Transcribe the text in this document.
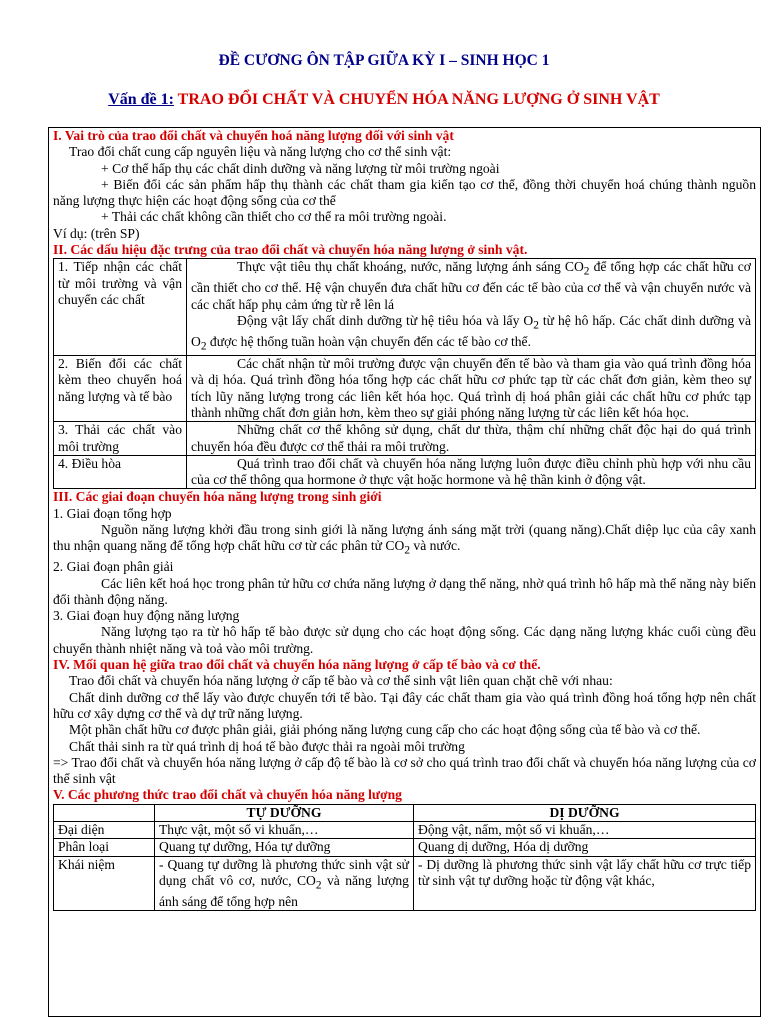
ĐỀ CƯƠNG ÔN TẬP GIỮA KỲ I – SINH HỌC 1
Vấn đề 1: TRAO ĐỔI CHẤT VÀ CHUYỂN HÓA NĂNG LƯỢNG Ở SINH VẬT

I. Vai trò của trao đổi chất và chuyển hoá năng lượng đối với sinh vật

Trao đổi chất cung cấp nguyên liệu và năng lượng cho cơ thể sinh vật:

+ Cơ thể hấp thụ các chất dinh dưỡng và năng lượng từ môi trường ngoài

+ Biến đổi các sản phẩm hấp thụ thành các chất tham gia kiến tạo cơ thể, đồng thời chuyển hoá chúng thành nguồn năng lượng thực hiện các hoạt động sống của cơ thể

+ Thải các chất không cần thiết cho cơ thể ra môi trường ngoài.

Ví dụ: (trên SP)

II. Các dấu hiệu đặc trưng của trao đổi chất và chuyển hóa năng lượng ở sinh vật.

1. Tiếp nhận các chất từ môi trường và vận chuyển các chất	Thực vật tiêu thụ chất khoáng, nước, năng lượng ánh sáng $CO_2$ để tổng hợp các chất hữu cơ cần thiết cho cơ thể. Hệ vận chuyển đưa chất hữu cơ đến các tế bào của cơ thể và vận chuyển nước và các chất hấp phụ cảm ứng từ rễ lên lá

Động vật lấy chất dinh dưỡng từ hệ tiêu hóa và lấy $O_2$ từ hệ hô hấp. Các chất dinh dưỡng và $O_2$ được hệ thống tuần hoàn vận chuyển đến các tế bào cơ thể.

2. Biến đổi các chất kèm theo chuyển hoá năng lượng và tế bào	Các chất nhận từ môi trường được vận chuyển đến tế bào và tham gia vào quá trình đồng hóa và dị hóa. Quá trình đồng hóa tổng hợp các chất hữu cơ phức tạp từ các chất đơn giản, kèm theo sự tích lũy năng lượng trong các liên kết hóa học. Quá trình dị hoá phân giải các chất hữu cơ phức tạp thành những chất đơn giản hơn, kèm theo sự giải phóng năng lượng từ các liên kết hóa học.

3. Thải các chất vào môi trường	Những chất cơ thể không sử dụng, chất dư thừa, thậm chí những chất độc hại do quá trình chuyển hóa đều được cơ thể thải ra môi trường.

4. Điều hòa	Quá trình trao đổi chất và chuyển hóa năng lượng luôn được điều chỉnh phù hợp với nhu cầu của cơ thể thông qua hormone ở thực vật hoặc hormone và hệ thần kinh ở động vật.

III. Các giai đoạn chuyển hóa năng lượng trong sinh giới

1. Giai đoạn tổng hợp

Nguồn năng lượng khởi đầu trong sinh giới là năng lượng ánh sáng mặt trời (quang năng).Chất diệp lục của cây xanh thu nhận quang năng để tổng hợp chất hữu cơ từ các phân tử $CO_2$ và nước.

2. Giai đoạn phân giải

Các liên kết hoá học trong phân tử hữu cơ chứa năng lượng ở dạng thế năng, nhờ quá trình hô hấp mà thế năng này biến đổi thành động năng.

3. Giai đoạn huy động năng lượng

Năng lượng tạo ra từ hô hấp tế bào được sử dụng cho các hoạt động sống. Các dạng năng lượng khác cuối cùng đều chuyển thành nhiệt năng và toả vào môi trường.

IV. Mối quan hệ giữa trao đổi chất và chuyển hóa năng lượng ở cấp tế bào và cơ thể.

Trao đổi chất và chuyển hóa năng lượng ở cấp tế bào và cơ thể sinh vật liên quan chặt chẽ với nhau:

Chất dinh dưỡng cơ thể lấy vào được chuyển tới tế bào. Tại đây các chất tham gia vào quá trình đồng hoá tổng hợp nên chất hữu cơ xây dựng cơ thể và dự trữ năng lượng.

Một phần chất hữu cơ được phân giải, giải phóng năng lượng cung cấp cho các hoạt động sống của tế bào và cơ thể.

Chất thải sinh ra từ quá trình dị hoá tế bào được thải ra ngoài môi trường

=> Trao đổi chất và chuyển hóa năng lượng ở cấp độ tế bào là cơ sở cho quá trình trao đổi chất và chuyển hóa năng lượng của cơ thể sinh vật

V. Các phương thức trao đổi chất và chuyển hóa năng lượng

	TỰ DƯỠNG	DỊ DƯỠNG
Đại diện	Thực vật, một số vi khuẩn,…	Động vật, nấm, một số vi khuẩn,…
Phân loại	Quang tự dưỡng, Hóa tự dưỡng	Quang dị dưỡng, Hóa dị dưỡng
Khái niệm	- Quang tự dưỡng là phương thức sinh vật sử dụng chất vô cơ, nước, $CO_2$ và năng lượng ánh sáng để tổng hợp nên	- Dị dưỡng là phương thức sinh vật lấy chất hữu cơ trực tiếp từ sinh vật tự dưỡng hoặc từ động vật khác,
